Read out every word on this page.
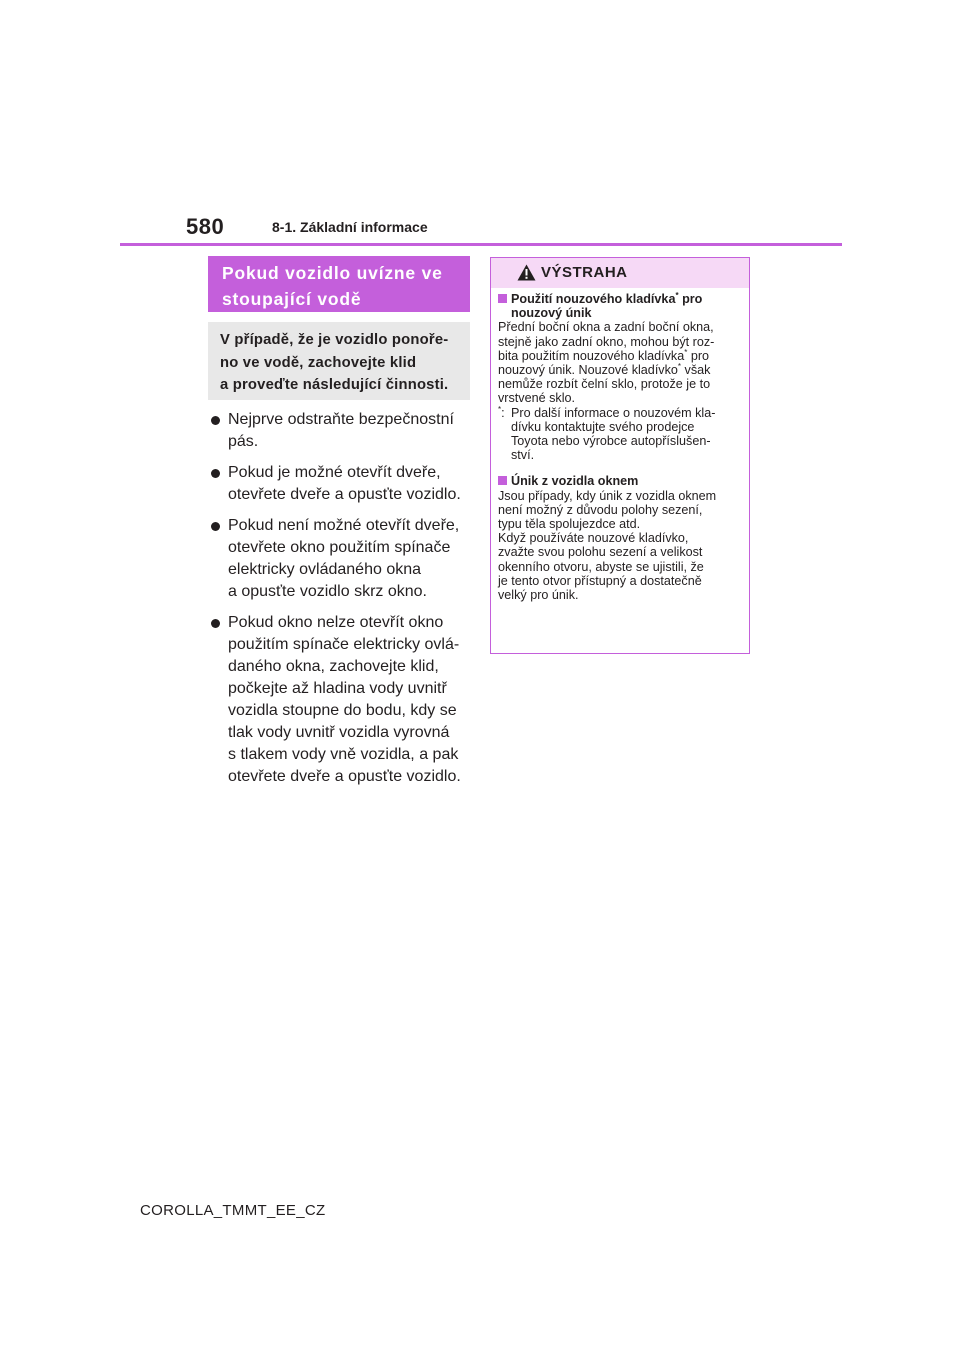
580	8-1. Základní informace
Pokud vozidlo uvízne ve
stoupající vodě
V případě, že je vozidlo ponoře-
no ve vodě, zachovejte klid
a proveďte následující činnosti.
Nejprve odstraňte bezpečnostní
pás.
Pokud je možné otevřít dveře,
otevřete dveře a opusťte vozidlo.
Pokud není možné otevřít dveře,
otevřete okno použitím spínače
elektricky ovládaného okna
a opusťte vozidlo skrz okno.
Pokud okno nelze otevřít okno
použitím spínače elektricky ovlá-
daného okna, zachovejte klid,
počkejte až hladina vody uvnitř
vozidla stoupne do bodu, kdy se
tlak vody uvnitř vozidla vyrovná
s tlakem vody vně vozidla, a pak
otevřete dveře a opusťte vozidlo.
VÝSTRAHA
Použití nouzového kladívka* pro
nouzový únik
Přední boční okna a zadní boční okna,
stejně jako zadní okno, mohou být roz-
bita použitím nouzového kladívka* pro
nouzový únik. Nouzové kladívko* však
nemůže rozbít čelní sklo, protože je to
vrstvené sklo.
*: Pro další informace o nouzovém kla-
dívku kontaktujte svého prodejce
Toyota nebo výrobce autopříslušen-
ství.
Únik z vozidla oknem
Jsou případy, kdy únik z vozidla oknem
není možný z důvodu polohy sezení,
typu těla spolujezdce atd.
Když používáte nouzové kladívko,
zvažte svou polohu sezení a velikost
okenního otvoru, abyste se ujistili, že
je tento otvor přístupný a dostatečně
velký pro únik.
COROLLA_TMMT_EE_CZ
